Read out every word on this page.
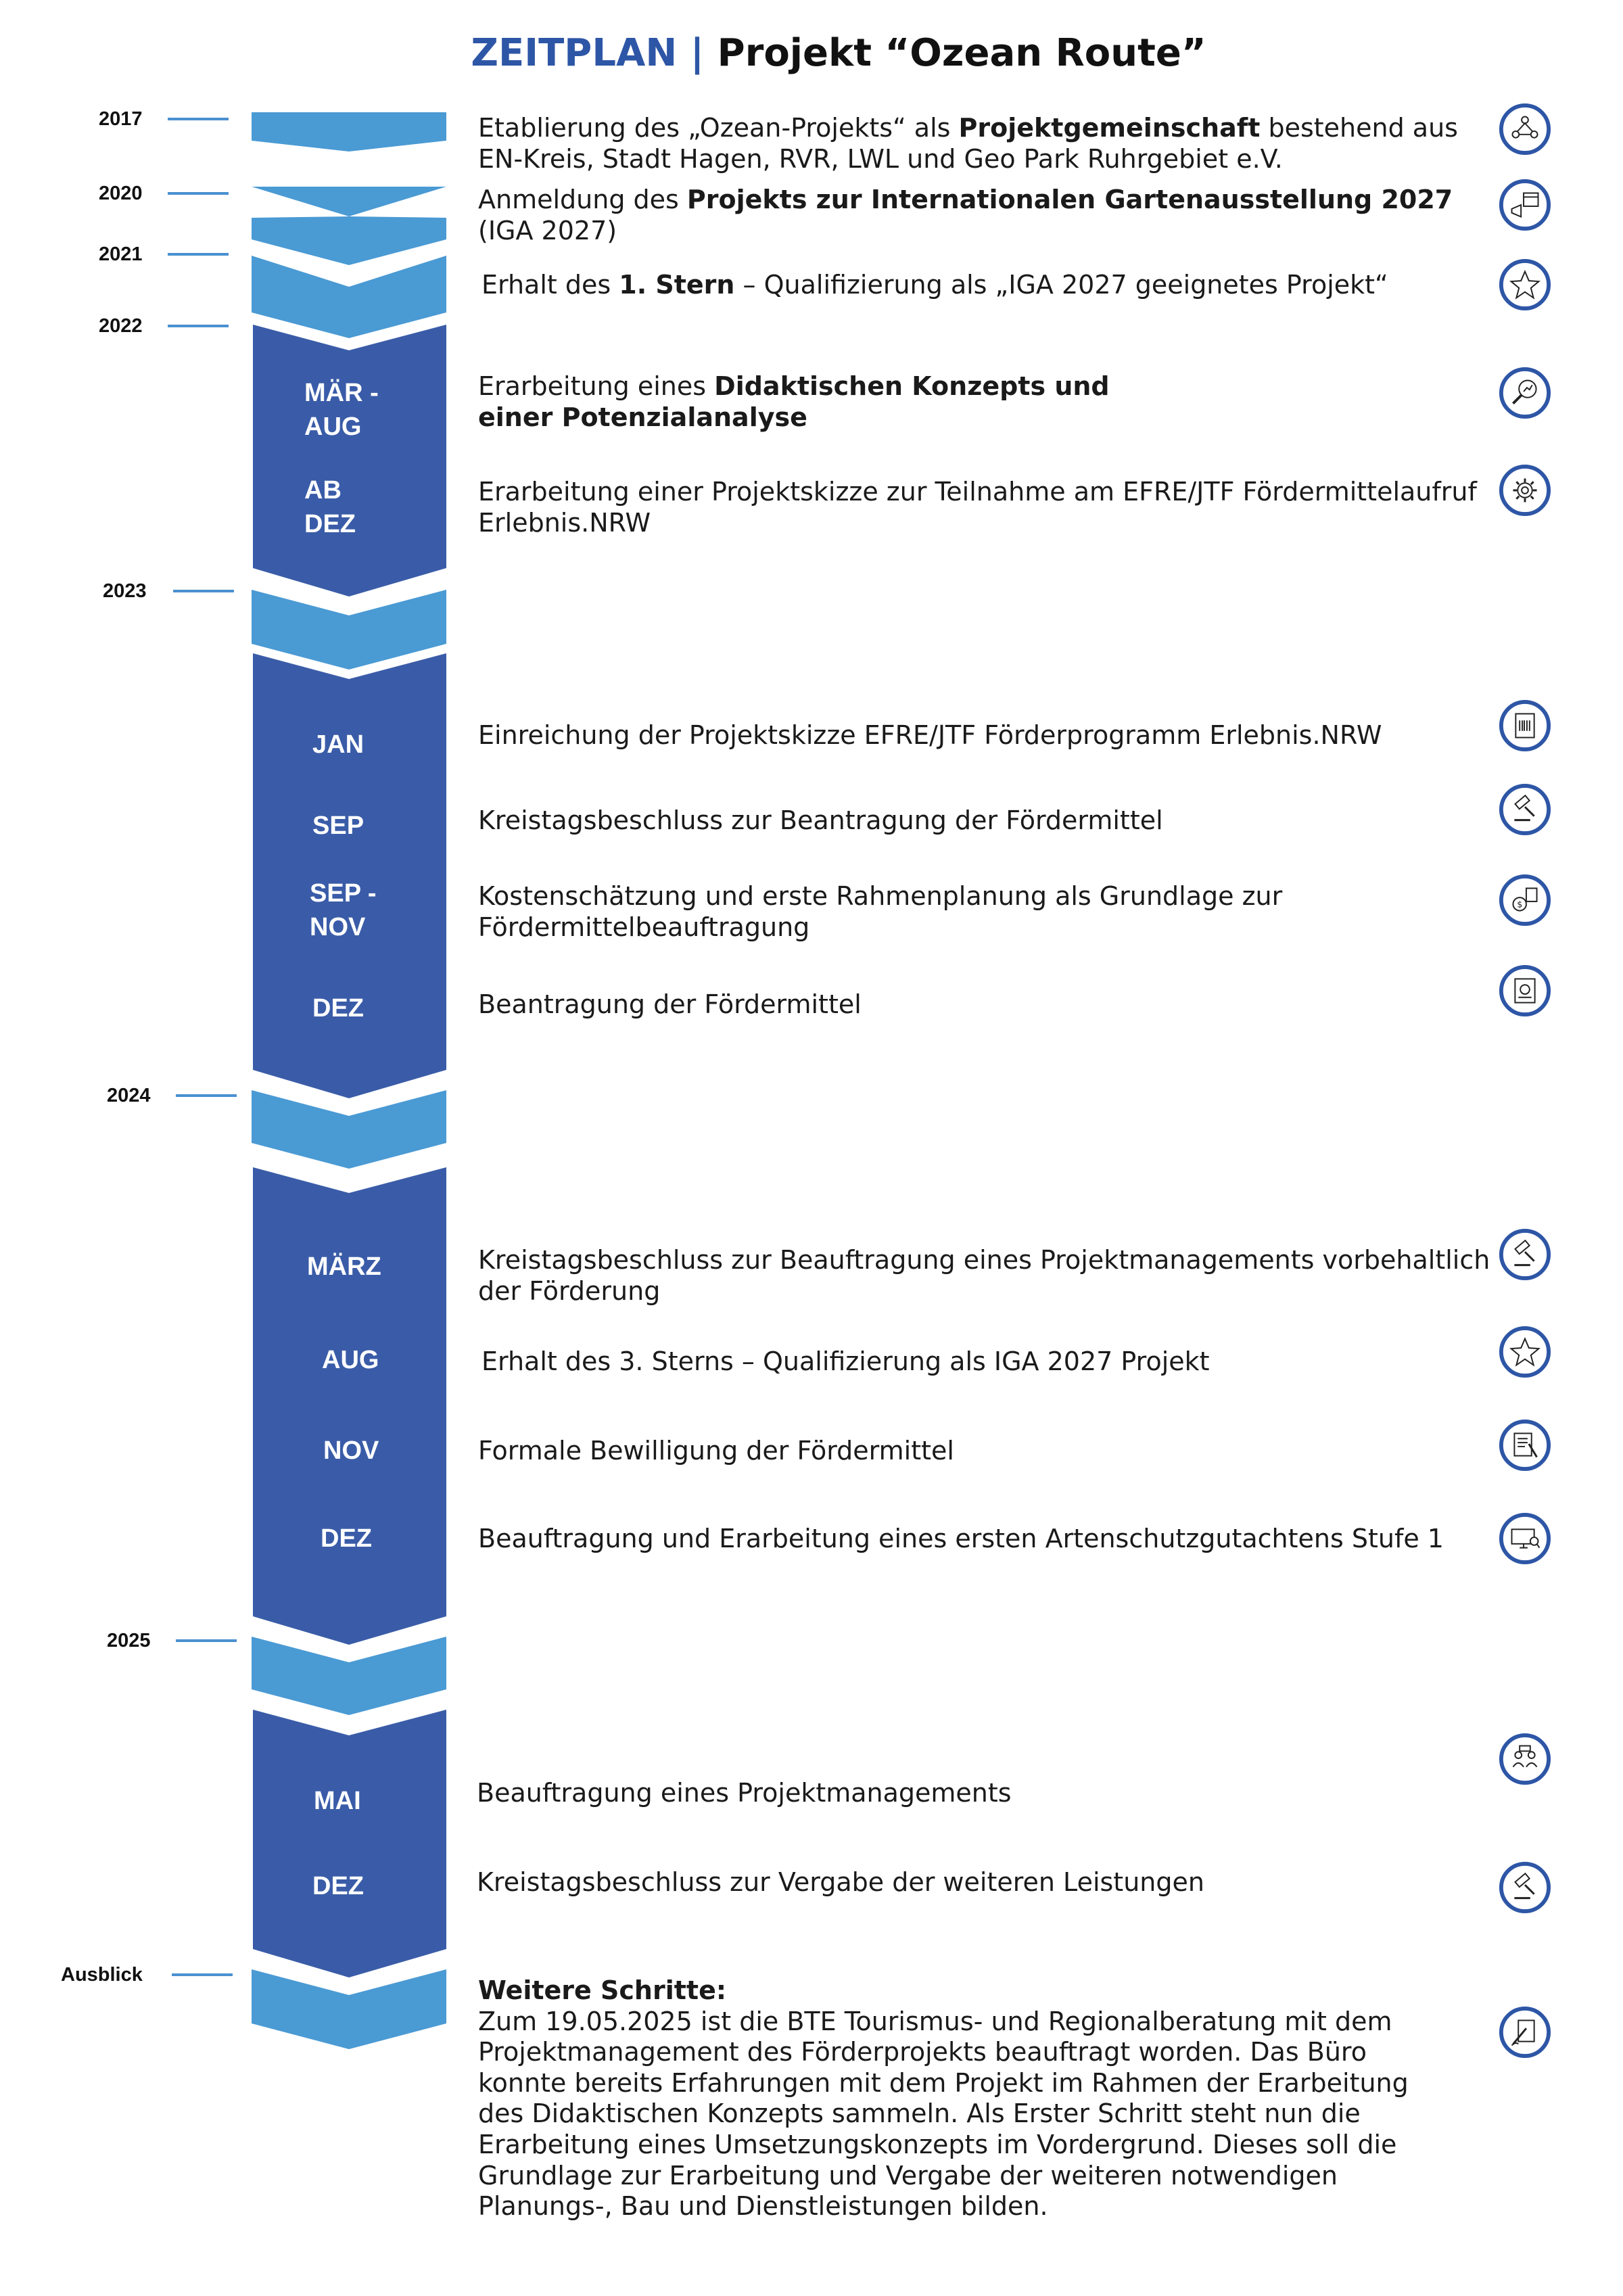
ZEITPLAN | Projekt “Ozean Route”
2017
2020
2021
2022
2023
2024
2025
Ausblick
MÄR -
AUG
AB
DEZ
JAN
SEP
SEP -
NOV
DEZ
MÄRZ
AUG
NOV
DEZ
MAI
DEZ
Etablierung des „Ozean-Projekts“ als Projektgemeinschaft bestehend aus EN-Kreis, Stadt Hagen, RVR, LWL und Geo Park Ruhrgebiet e.V.
Anmeldung des Projekts zur Internationalen Gartenausstellung 2027 (IGA 2027)
Erhalt des 1. Stern – Qualifizierung als „IGA 2027 geeignetes Projekt“
Erarbeitung eines Didaktischen Konzepts und einer Potenzialanalyse
Erarbeitung einer Projektskizze zur Teilnahme am EFRE/JTF Fördermittelaufruf Erlebnis.NRW
Einreichung der Projektskizze EFRE/JTF Förderprogramm Erlebnis.NRW
Kreistagsbeschluss zur Beantragung der Fördermittel
Kostenschätzung und erste Rahmenplanung als Grundlage zur Fördermittelbeauftragung
Beantragung der Fördermittel
Kreistagsbeschluss zur Beauftragung eines Projektmanagements vorbehaltlich der Förderung
Erhalt des 3. Sterns – Qualifizierung als IGA 2027 Projekt
Formale Bewilligung der Fördermittel
Beauftragung und Erarbeitung eines ersten Artenschutzgutachtens Stufe 1
Beauftragung eines Projektmanagements
Kreistagsbeschluss zur Vergabe der weiteren Leistungen
Weitere Schritte:
Zum 19.05.2025 ist die BTE Tourismus- und Regionalberatung mit dem Projektmanagement des Förderprojekts beauftragt worden. Das Büro konnte bereits Erfahrungen mit dem Projekt im Rahmen der Erarbeitung des Didaktischen Konzepts sammeln. Als Erster Schritt steht nun die Erarbeitung eines Umsetzungskonzepts im Vordergrund. Dieses soll die Grundlage zur Erarbeitung und Vergabe der weiteren notwendigen Planungs-, Bau und Dienstleistungen bilden.
$
